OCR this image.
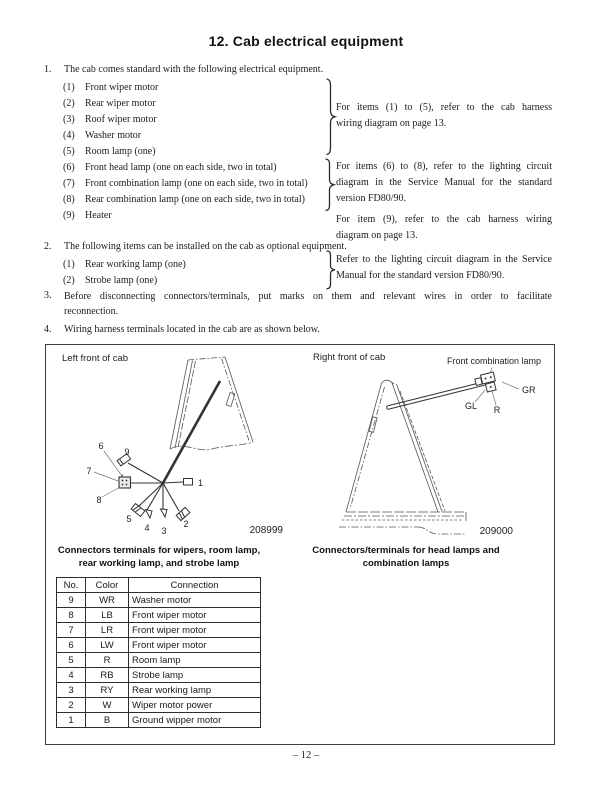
12. Cab electrical equipment
1. The cab comes standard with the following electrical equipment.
(1) Front wiper motor
(2) Rear wiper motor
(3) Roof wiper motor
(4) Washer motor
(5) Room lamp (one)
(6) Front head lamp (one on each side, two in total)
(7) Front combination lamp (one on each side, two in total)
(8) Rear combination lamp (one on each side, two in total)
(9) Heater
For items (1) to (5), refer to the cab harness
wiring diagram on page 13.
For items (6) to (8), refer to the lighting circuit
diagram in the Service Manual for the standard
version FD80/90.
For item (9), refer to the cab harness wiring
diagram on page 13.
2. The following items can be installed on the cab as optional equipment.
(1) Rear working lamp (one)
(2) Strobe lamp (one)
Refer to the lighting circuit diagram in the Service
Manual for the standard version FD80/90.
3.	Before disconnecting connectors/terminals, put marks on them and relevant wires in order to facilitate
reconnection.
4. Wiring harness terminals located in the cab are as shown below.
Left front of cab	Right front of cab
1
2
3
4
5
6
7
8
9
208999
Front combination lamp
GR
GL R
209000
Connectors terminals for wipers, room lamp,
rear working lamp, and strobe lamp
Connectors/terminals for head lamps and
combination lamps
No.	Color	Connection
9	WR	Washer motor
8	LB	Front wiper motor
7	LR	Front wiper motor
6	LW	Front wiper motor
5	R	Room lamp
4	RB	Strobe lamp
3	RY	Rear working lamp
2	W	Wiper motor power
1	B	Ground wipper motor
– 12 –
